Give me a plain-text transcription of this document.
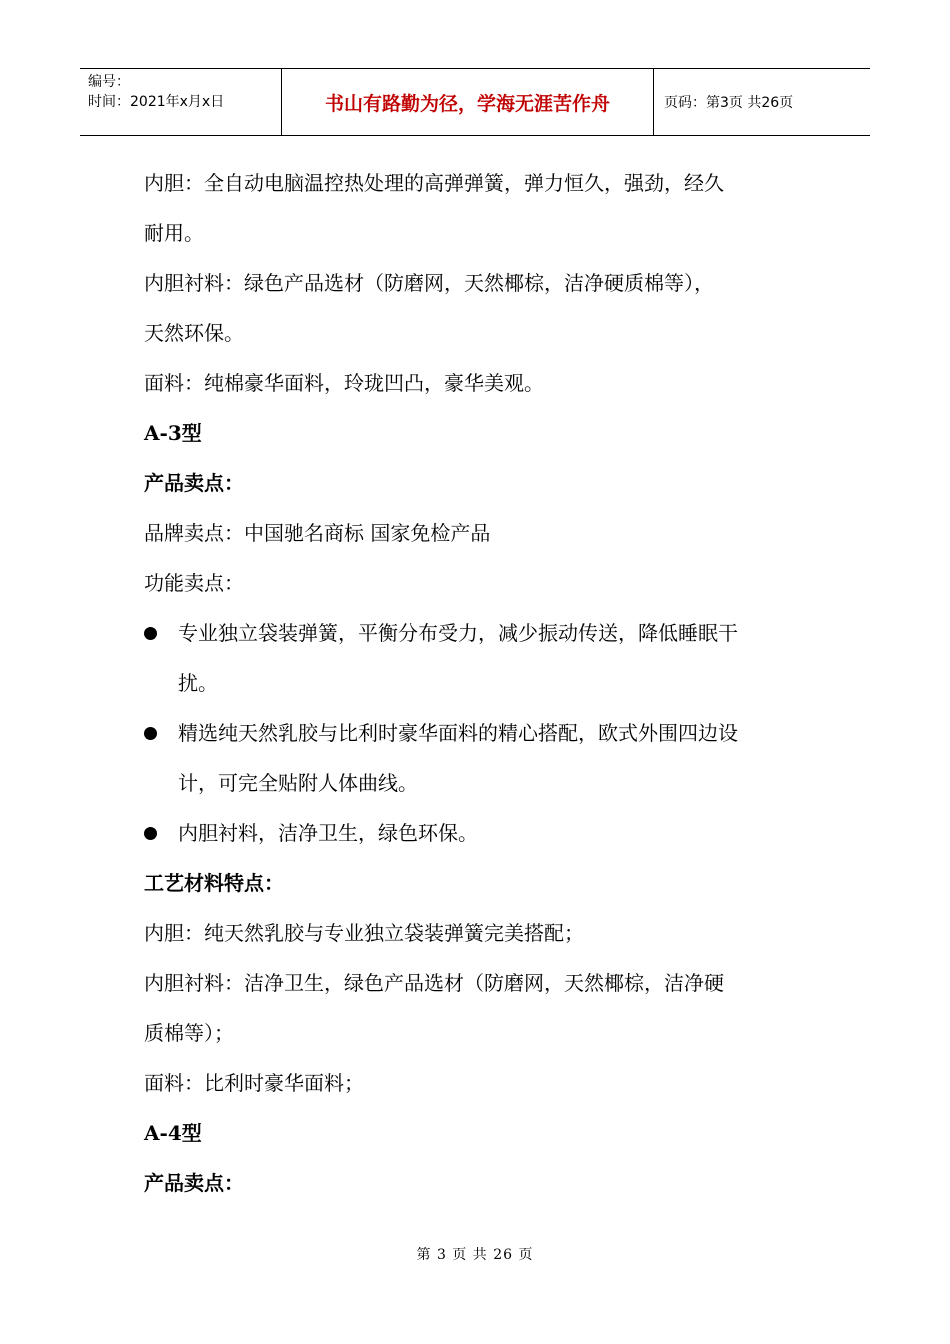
编号：
时间：2021年x月x日	书山有路勤为径，学海无涯苦作舟	页码：第3页 共26页

内胆：全自动电脑温控热处理的高弹弹簧，弹力恒久，强劲，经久

耐用。

内胆衬料：绿色产品选材（防磨网，天然椰棕，洁净硬质棉等），

天然环保。

面料：纯棉豪华面料，玲珑凹凸，豪华美观。

A-3型

产品卖点：

品牌卖点：中国驰名商标 国家免检产品

功能卖点：

专业独立袋装弹簧，平衡分布受力，减少振动传送，降低睡眠干

扰。

精选纯天然乳胶与比利时豪华面料的精心搭配，欧式外围四边设

计，可完全贴附人体曲线。

内胆衬料，洁净卫生，绿色环保。

工艺材料特点：

内胆：纯天然乳胶与专业独立袋装弹簧完美搭配；

内胆衬料：洁净卫生，绿色产品选材（防磨网，天然椰棕，洁净硬

质棉等）；

面料：比利时豪华面料；

A-4型

产品卖点：

第 3 页 共 26 页
